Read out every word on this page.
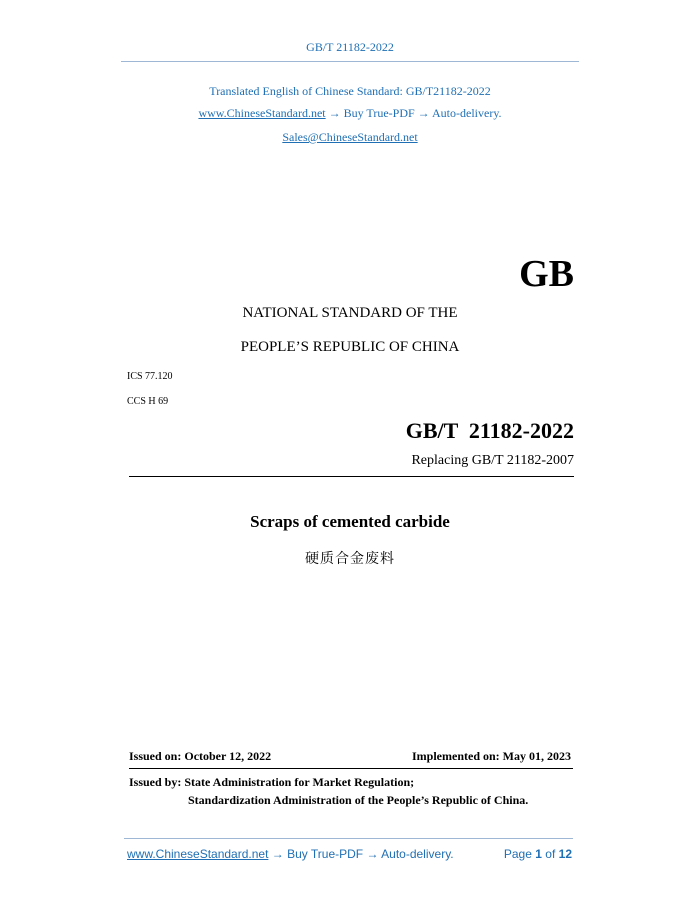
GB/T 21182-2022
Translated English of Chinese Standard: GB/T21182-2022
www.ChineseStandard.net → Buy True-PDF → Auto-delivery.
Sales@ChineseStandard.net
GB
NATIONAL STANDARD OF THE
PEOPLE’S REPUBLIC OF CHINA
ICS 77.120
CCS H 69
GB/T  21182-2022
Replacing GB/T 21182-2007
Scraps of cemented carbide
硬质合金废料
Issued on: October 12, 2022	Implemented on: May 01, 2023
Issued by: State Administration for Market Regulation;
Standardization Administration of the People’s Republic of China.
www.ChineseStandard.net → Buy True-PDF → Auto-delivery.	Page 1 of 12
